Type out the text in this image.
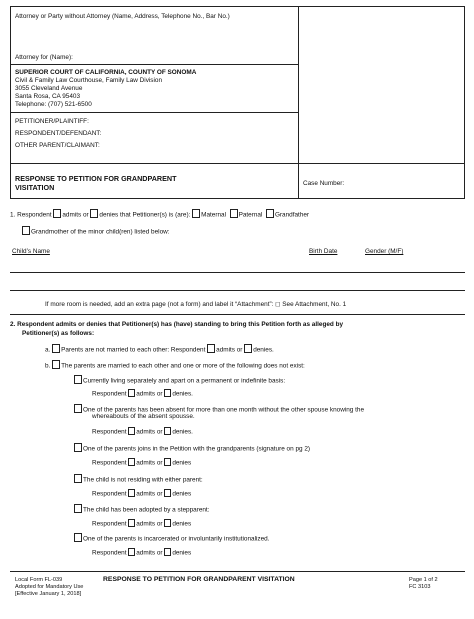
Attorney or Party without Attorney (Name, Address, Telephone No., Bar No.)
Attorney for (Name):
SUPERIOR COURT OF CALIFORNIA, COUNTY OF SONOMA
Civil & Family Law Courthouse, Family Law Division
3055 Cleveland Avenue
Santa Rosa, CA 95403
Telephone: (707) 521-6500
PETITIONER/PLAINTIFF:
RESPONDENT/DEFENDANT:
OTHER PARENT/CLAIMANT:
RESPONSE TO PETITION FOR GRANDPARENT
VISITATION	Case Number:
1. Respondent admits or denies that Petitioner(s) is (are): Maternal Paternal Grandfather
Grandmother of the minor child(ren) listed below:
Child’s Name	Birth Date	Gender (M/F)
If more room is needed, add an extra page (not a form) and label it “Attachment”: ◻ See Attachment, No. 1
2. Respondent admits or denies that Petitioner(s) has (have) standing to bring this Petition forth as alleged by
Petitioner(s) as follows:
a. Parents are not married to each other: Respondent admits or denies.
b. The parents are married to each other and one or more of the following does not exist:
Currently living separately and apart on a permanent or indefinite basis:
Respondent admits or denies.
One of the parents has been absent for more than one month without the other spouse knowing the
whereabouts of the absent spousse.
Respondent admits or denies.
One of the parents joins in the Petition with the grandparents (signature on pg 2)
Respondent admits or denies
The child is not residing with either parent:
Respondent admits or denies
The child has been adopted by a stepparent:
Respondent admits or denies
One of the parents is incarcerated or involuntarily institutionalized.
Respondent admits or denies
Local Form FL-039
Adopted for Mandatory Use
[Effective January 1, 2018]
RESPONSE TO PETITION FOR GRANDPARENT VISITATION	Page 1 of 2
FC 3103
